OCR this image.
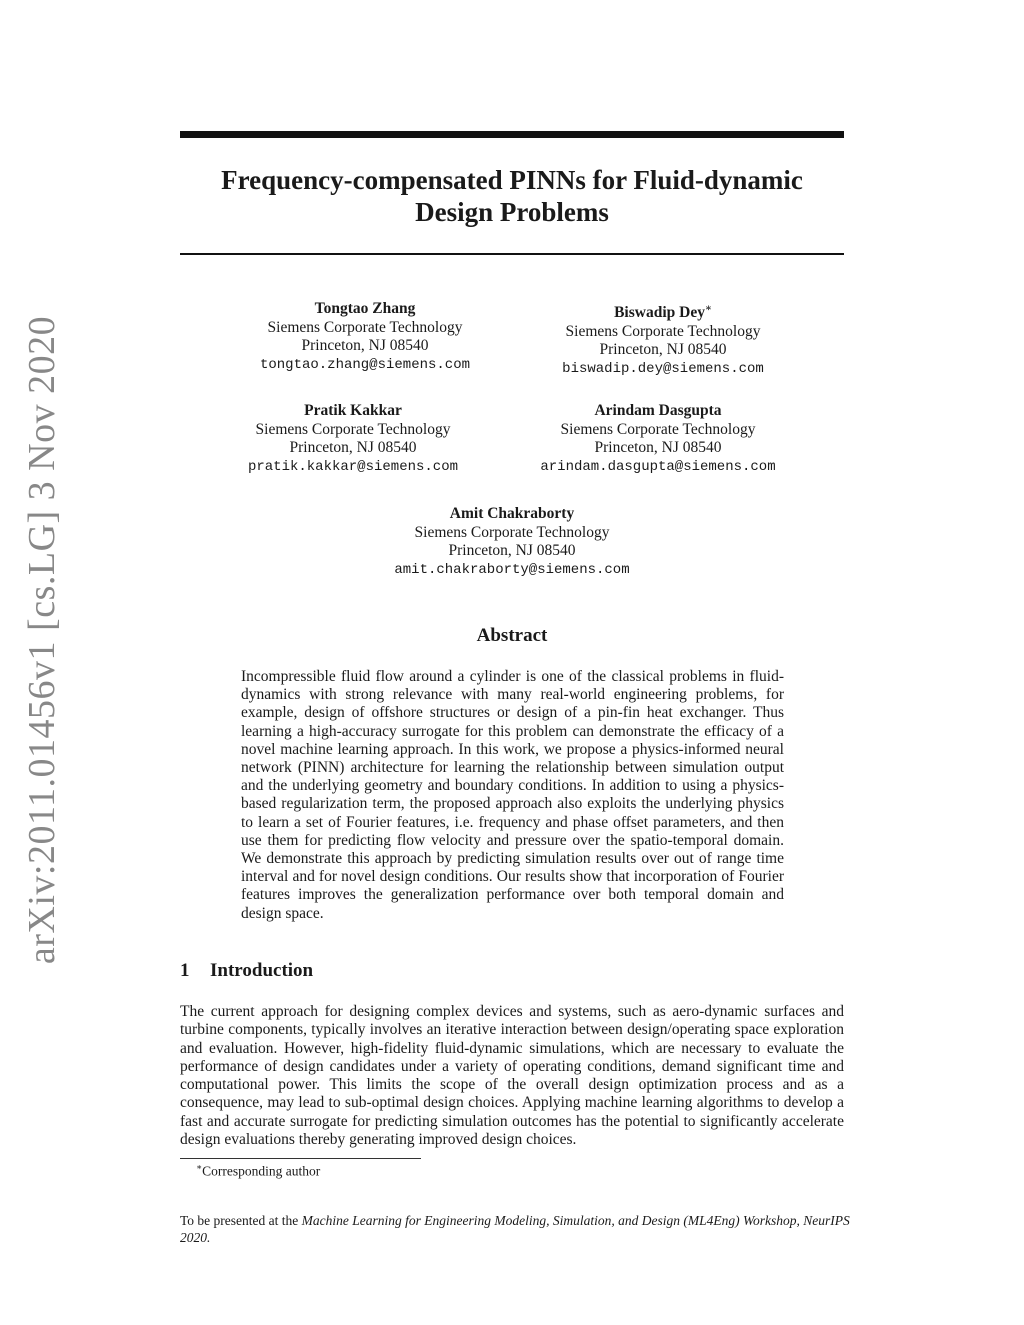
arXiv:2011.01456v1 [cs.LG] 3 Nov 2020
Frequency-compensated PINNs for Fluid-dynamic
Design Problems
Tongtao Zhang
Siemens Corporate Technology
Princeton, NJ 08540
tongtao.zhang@siemens.com
Biswadip Dey∗
Siemens Corporate Technology
Princeton, NJ 08540
biswadip.dey@siemens.com
Pratik Kakkar
Siemens Corporate Technology
Princeton, NJ 08540
pratik.kakkar@siemens.com
Arindam Dasgupta
Siemens Corporate Technology
Princeton, NJ 08540
arindam.dasgupta@siemens.com
Amit Chakraborty
Siemens Corporate Technology
Princeton, NJ 08540
amit.chakraborty@siemens.com
Abstract
Incompressible fluid flow around a cylinder is one of the classical problems in fluid-dynamics with strong relevance with many real-world engineering problems, for example, design of offshore structures or design of a pin-fin heat exchanger. Thus learning a high-accuracy surrogate for this problem can demonstrate the efficacy of a novel machine learning approach. In this work, we propose a physics-informed neural network (PINN) architecture for learning the relationship between simulation output and the underlying geometry and boundary conditions. In addition to using a physics-based regularization term, the proposed approach also exploits the underlying physics to learn a set of Fourier features, i.e. frequency and phase offset parameters, and then use them for predicting flow velocity and pressure over the spatio-temporal domain. We demonstrate this approach by predicting simulation results over out of range time interval and for novel design conditions. Our results show that incorporation of Fourier features improves the generalization performance over both temporal domain and design space.
1 Introduction
The current approach for designing complex devices and systems, such as aero-dynamic surfaces and turbine components, typically involves an iterative interaction between design/operating space exploration and evaluation. However, high-fidelity fluid-dynamic simulations, which are necessary to evaluate the performance of design candidates under a variety of operating conditions, demand significant time and computational power. This limits the scope of the overall design optimization process and as a consequence, may lead to sub-optimal design choices. Applying machine learning algorithms to develop a fast and accurate surrogate for predicting simulation outcomes has the potential to significantly accelerate design evaluations thereby generating improved design choices.
∗Corresponding author
To be presented at the Machine Learning for Engineering Modeling, Simulation, and Design (ML4Eng) Workshop, NeurIPS 2020.
